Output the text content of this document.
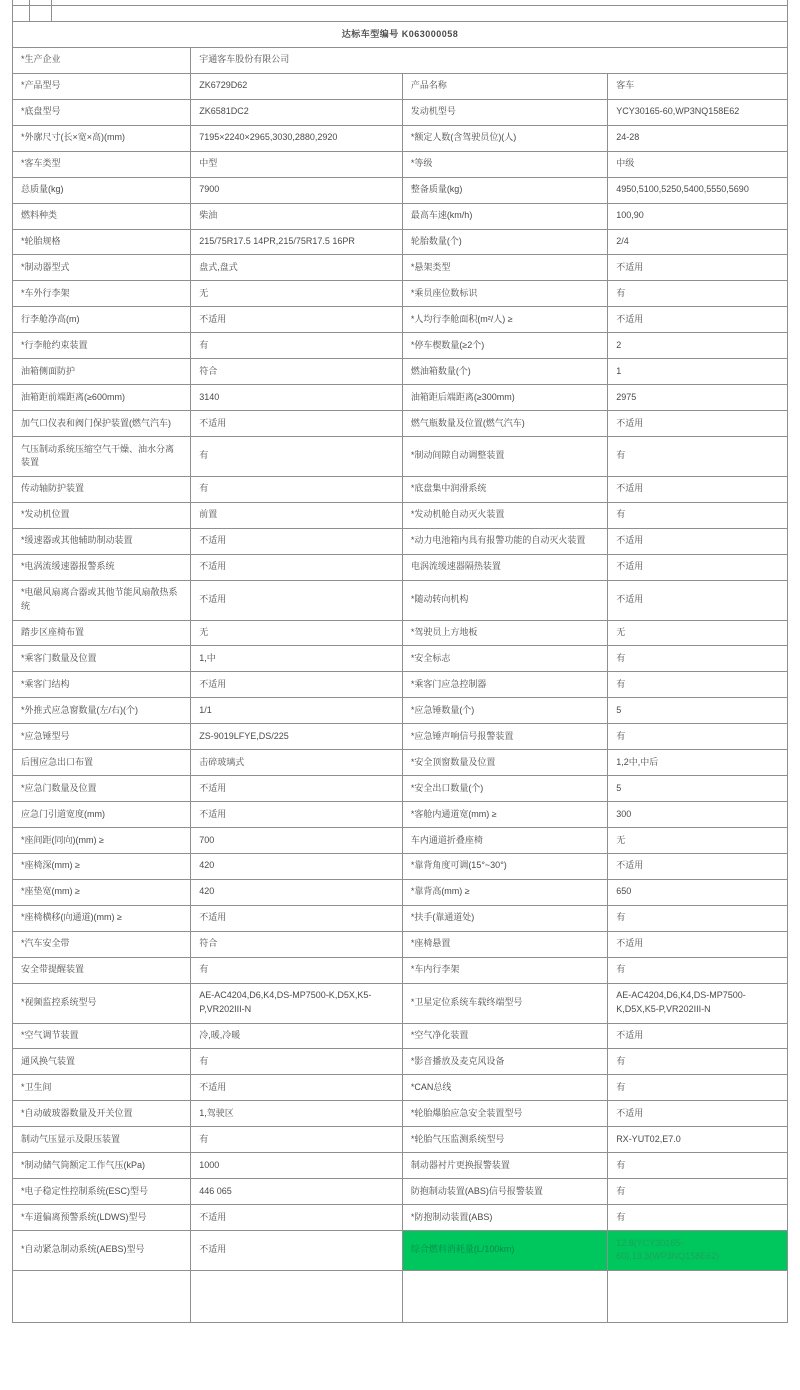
达标车型编号 K063000058			
*生产企业	宇通客车股份有限公司		
*产品型号	ZK6729D62	产品名称	客车
*底盘型号	ZK6581DC2	发动机型号	YCY30165-60,WP3NQ158E62
*外廓尺寸(长×宽×高)(mm)	7195×2240×2965,3030,2880,2920	*额定人数(含驾驶员位)(人)	24-28
*客车类型	中型	*等级	中级
总质量(kg)	7900	整备质量(kg)	4950,5100,5250,5400,5550,5690
燃料种类	柴油	最高车速(km/h)	100,90
*轮胎规格	215/75R17.5 14PR,215/75R17.5 16PR	轮胎数量(个)	2/4
*制动器型式	盘式,盘式	*悬架类型	不适用
*车外行李架	无	*乘员座位数标识	有
行李舱净高(m)	不适用	*人均行李舱面积(m²/人) ≥	不适用
*行李舱约束装置	有	*停车楔数量(≥2个)	2
油箱侧面防护	符合	燃油箱数量(个)	1
油箱距前端距离(≥600mm)	3140	油箱距后端距离(≥300mm)	2975
加气口仪表和阀门保护装置(燃气汽车)	不适用	燃气瓶数量及位置(燃气汽车)	不适用
气压制动系统压缩空气干燥、油水分离装置	有	*制动间隙自动调整装置	有
传动轴防护装置	有	*底盘集中润滑系统	不适用
*发动机位置	前置	*发动机舱自动灭火装置	有
*缓速器或其他辅助制动装置	不适用	*动力电池箱内具有报警功能的自动灭火装置	不适用
*电涡流缓速器报警系统	不适用	电涡流缓速器隔热装置	不适用
*电磁风扇离合器或其他节能风扇散热系统	不适用	*随动转向机构	不适用
踏步区座椅布置	无	*驾驶员上方地板	无
*乘客门数量及位置	1,中	*安全标志	有
*乘客门结构	不适用	*乘客门应急控制器	有
*外推式应急窗数量(左/右)(个)	1/1	*应急锤数量(个)	5
*应急锤型号	ZS-9019LFYE,DS/225	*应急锤声响信号报警装置	有
后围应急出口布置	击碎玻璃式	*安全顶窗数量及位置	1,2中,中后
*应急门数量及位置	不适用	*安全出口数量(个)	5
应急门引道宽度(mm)	不适用	*客舱内通道宽(mm) ≥	300
*座间距(同向)(mm) ≥	700	车内通道折叠座椅	无
*座椅深(mm) ≥	420	*靠背角度可调(15°~30°)	不适用
*座垫宽(mm) ≥	420	*靠背高(mm) ≥	650
*座椅横移(向通道)(mm) ≥	不适用	*扶手(靠通道处)	有
*汽车安全带	符合	*座椅悬置	不适用
安全带提醒装置	有	*车内行李架	有
*视频监控系统型号	AE-AC4204,D6,K4,DS-MP7500-K,D5X,K5-P,VR202III-N	*卫星定位系统车载终端型号	AE-AC4204,D6,K4,DS-MP7500-K,D5X,K5-P,VR202III-N
*空气调节装置	冷,暖,冷暖	*空气净化装置	不适用
通风换气装置	有	*影音播放及麦克风设备	有
*卫生间	不适用	*CAN总线	有
*自动破玻器数量及开关位置	1,驾驶区	*轮胎爆胎应急安全装置型号	不适用
制动气压显示及限压装置	有	*轮胎气压监测系统型号	RX-YUT02,E7.0
*制动储气筒额定工作气压(kPa)	1000	制动器衬片更换报警装置	有
*电子稳定性控制系统(ESC)型号	446 065	防抱制动装置(ABS)信号报警装置	有
*车道偏离预警系统(LDWS)型号	不适用	*防抱制动装置(ABS)	有
*自动紧急制动系统(AEBS)型号	不适用	综合燃料消耗量(L/100km)	12.8(YCY30165-60),13.3(WP3NQ158E62)
